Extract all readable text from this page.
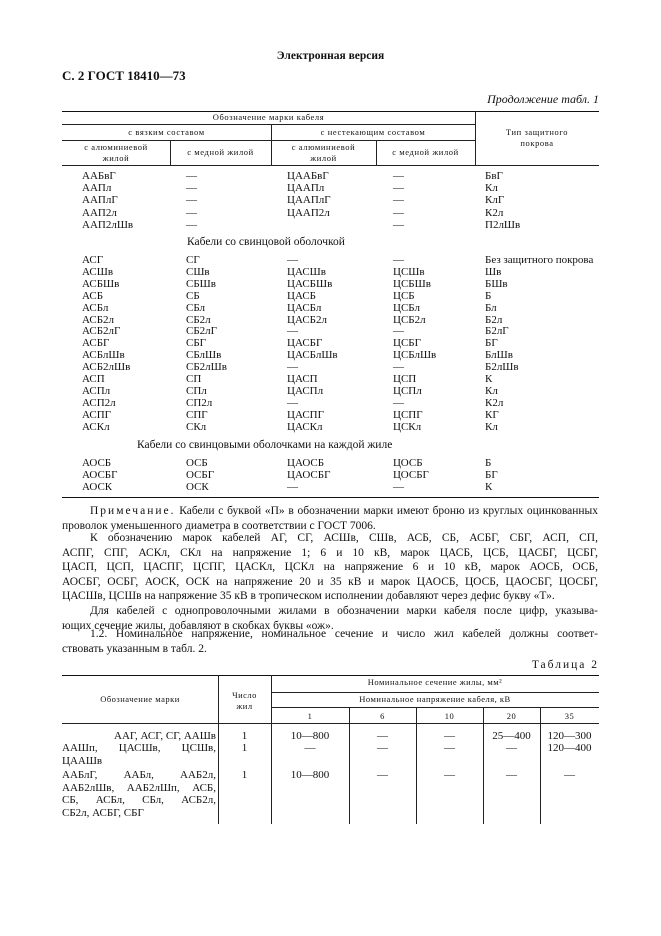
Электронная версия
С. 2 ГОСТ 18410—73
Продолжение табл. 1
Обозначение марки кабеля
с вязким составом	с нестекающим составом
с алюминиевой
жилой
с медной жилой	с алюминиевой
жилой
с медной жилой
Тип защитного
покрова
ААБвГ	—	ЦААБвГ	—	БвГ
ААПл	—	ЦААПл	—	Кл
ААПлГ	—	ЦААПлГ	—	КлГ
ААП2л	—	ЦААП2л	—	К2л
ААП2лШв	—	—	П2лШв
Кабели со свинцовой оболочкой
АСГ	СГ	—	—	Без защитного покрова
АСШв	СШв	ЦАСШв	ЦСШв	Шв
АСБШв	СБШв	ЦАСБШв	ЦСБШв	БШв
АСБ	СБ	ЦАСБ	ЦСБ	Б
АСБл	СБл	ЦАСБл	ЦСБл	Бл
АСБ2л	СБ2л	ЦАСБ2л	ЦСБ2л	Б2л
АСБ2лГ	СБ2лГ	—	—	Б2лГ
АСБГ	СБГ	ЦАСБГ	ЦСБГ	БГ
АСБлШв	СБлШв	ЦАСБлШв	ЦСБлШв	БлШв
АСБ2лШв	СБ2лШв	—	—	Б2лШв
АСП	СП	ЦАСП	ЦСП	К
АСПл	СПл	ЦАСПл	ЦСПл	Кл
АСП2л	СП2л	—	—	К2л
АСПГ	СПГ	ЦАСПГ	ЦСПГ	КГ
АСКл	СКл	ЦАСКл	ЦСКл	Кл
Кабели со свинцовыми оболочками на каждой жиле
АОСБ	ОСБ	ЦАОСБ	ЦОСБ	Б
АОСБГ	ОСБГ	ЦАОСБГ	ЦОСБГ	БГ
АОСК	ОСК	—	—	К
Примечание. Кабели с буквой «П» в обозначении марки имеют броню из круглых оцинкованных
проволок уменьшенного диаметра в соответствии с ГОСТ 7006.
К обозначению марок кабелей АГ, СГ, АСШв, СШв, АСБ, СБ, АСБГ, СБГ, АСП, СП,
АСПГ, СПГ, АСКл, СКл на напряжение 1; 6 и 10 кВ, марок ЦАСБ, ЦСБ, ЦАСБГ, ЦСБГ,
ЦАСП, ЦСП, ЦАСПГ, ЦСПГ, ЦАСКл, ЦСКл на напряжение 6 и 10 кВ, марок АОСБ, ОСБ,
АОСБГ, ОСБГ, АОСК, ОСК на напряжение 20 и 35 кВ и марок ЦАОСБ, ЦОСБ, ЦАОСБГ, ЦОСБГ,
ЦАСШв, ЦСШв на напряжение 35 кВ в тропическом исполнении добавляют через дефис букву «Т».
Для кабелей с однопроволочными жилами в обозначении марки кабеля после цифр, указыва-
ющих сечение жилы, добавляют в скобках буквы «ож».
1.2. Номинальное напряжение, номинальное сечение и число жил кабелей должны соответ-
ствовать указанным в табл. 2.
Таблица 2
Обозначение марки	Число
жил
Номинальное сечение жилы, мм²
Номинальное напряжение кабеля, кВ
1	6	10	20	35
ААГ, АСГ, СГ, ААШв	1	10—800	—	—	25—400	120—300
ААШп, ЦАСШв, ЦСШв,
ЦААШв
1	—	—	—	—	120—400
ААБлГ, ААБл, ААБ2л,
ААБ2лШв, ААБ2лШп, АСБ,
СБ, АСБл, СБл, АСБ2л,
СБ2л, АСБГ, СБГ
1	10—800	—	—	—	—
